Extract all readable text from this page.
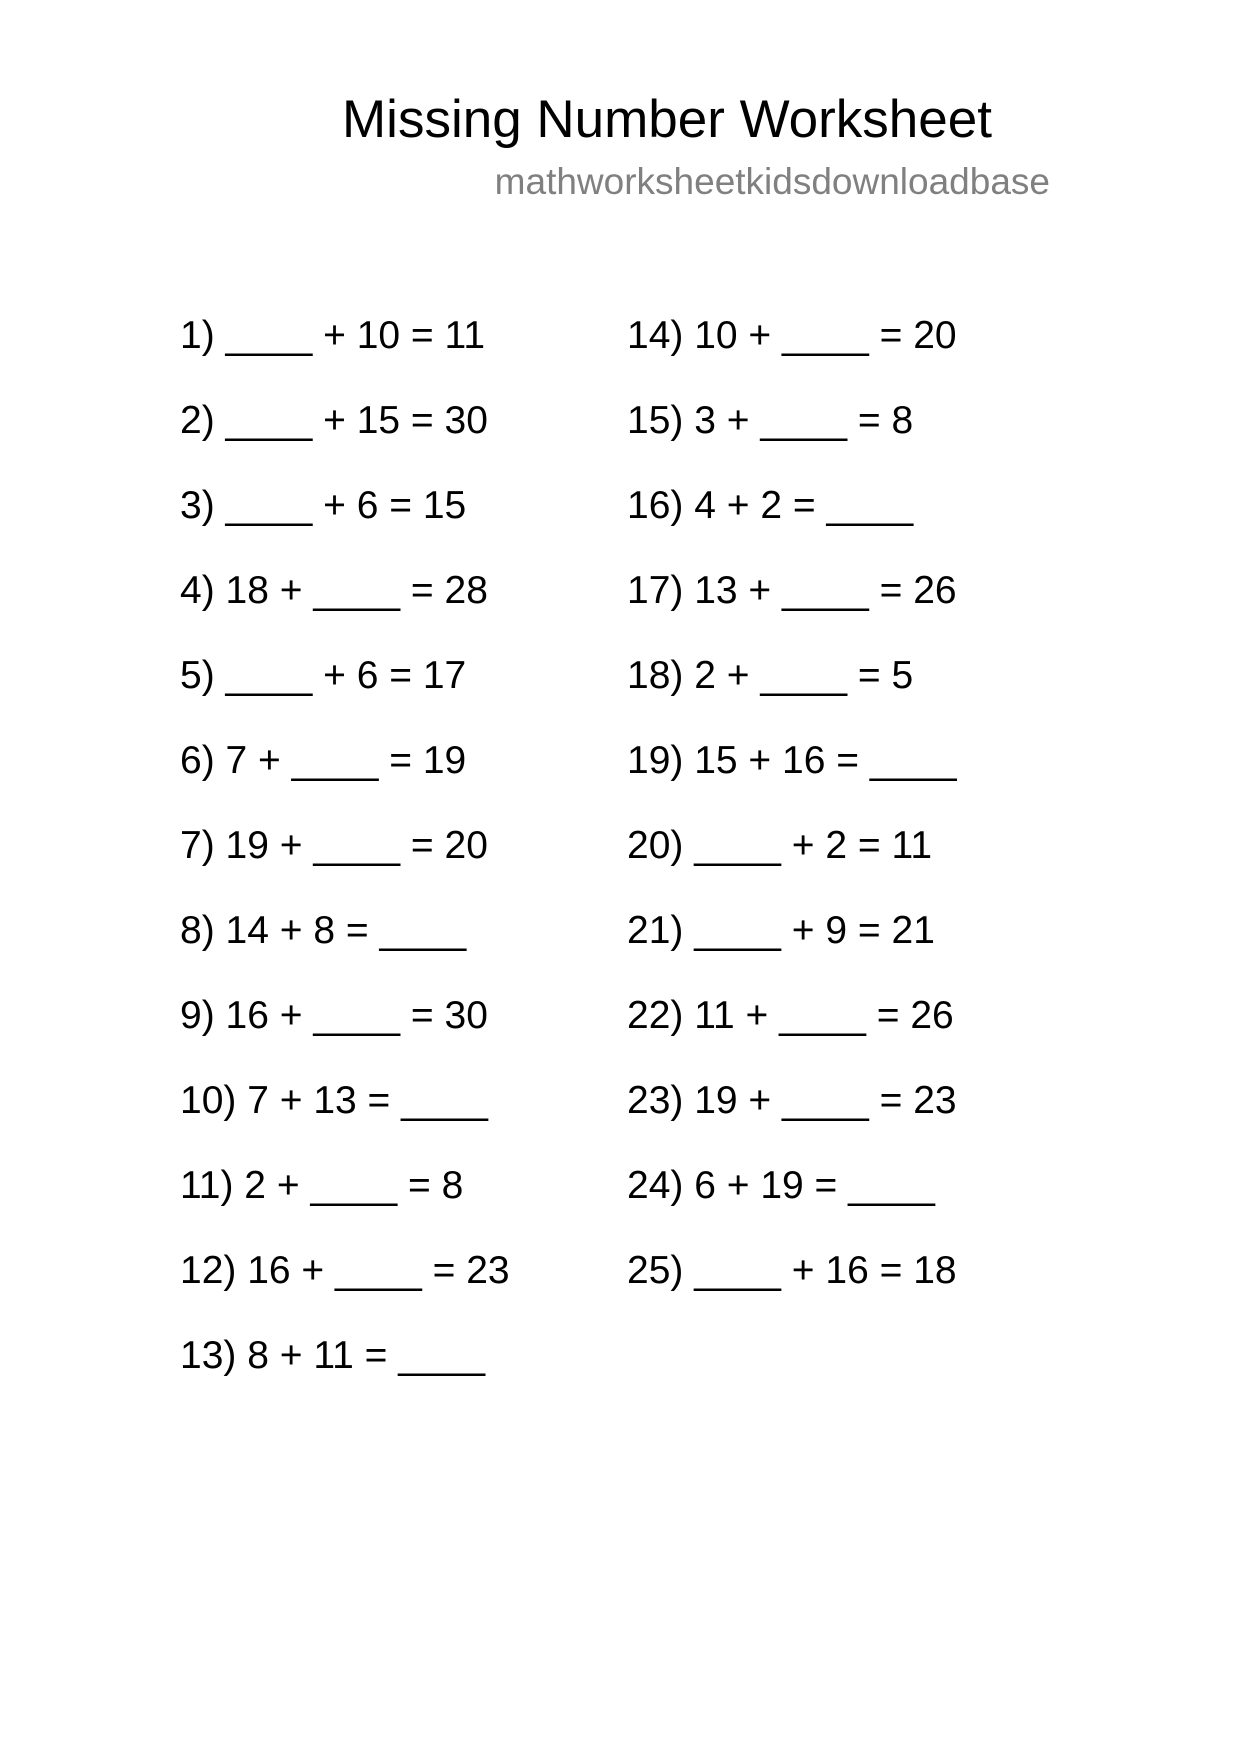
Missing Number Worksheet
mathworksheetkidsdownloadbase
1) ____ + 10 = 11
2) ____ + 15 = 30
3) ____ + 6 = 15
4) 18 + ____ = 28
5) ____ + 6 = 17
6) 7 + ____ = 19
7) 19 + ____ = 20
8) 14 + 8 = ____
9) 16 + ____ = 30
10) 7 + 13 = ____
11) 2 + ____ = 8
12) 16 + ____ = 23
13) 8 + 11 = ____
14) 10 + ____ = 20
15) 3 + ____ = 8
16) 4 + 2 = ____
17) 13 + ____ = 26
18) 2 + ____ = 5
19) 15 + 16 = ____
20) ____ + 2 = 11
21) ____ + 9 = 21
22) 11 + ____ = 26
23) 19 + ____ = 23
24) 6 + 19 = ____
25) ____ + 16 = 18
